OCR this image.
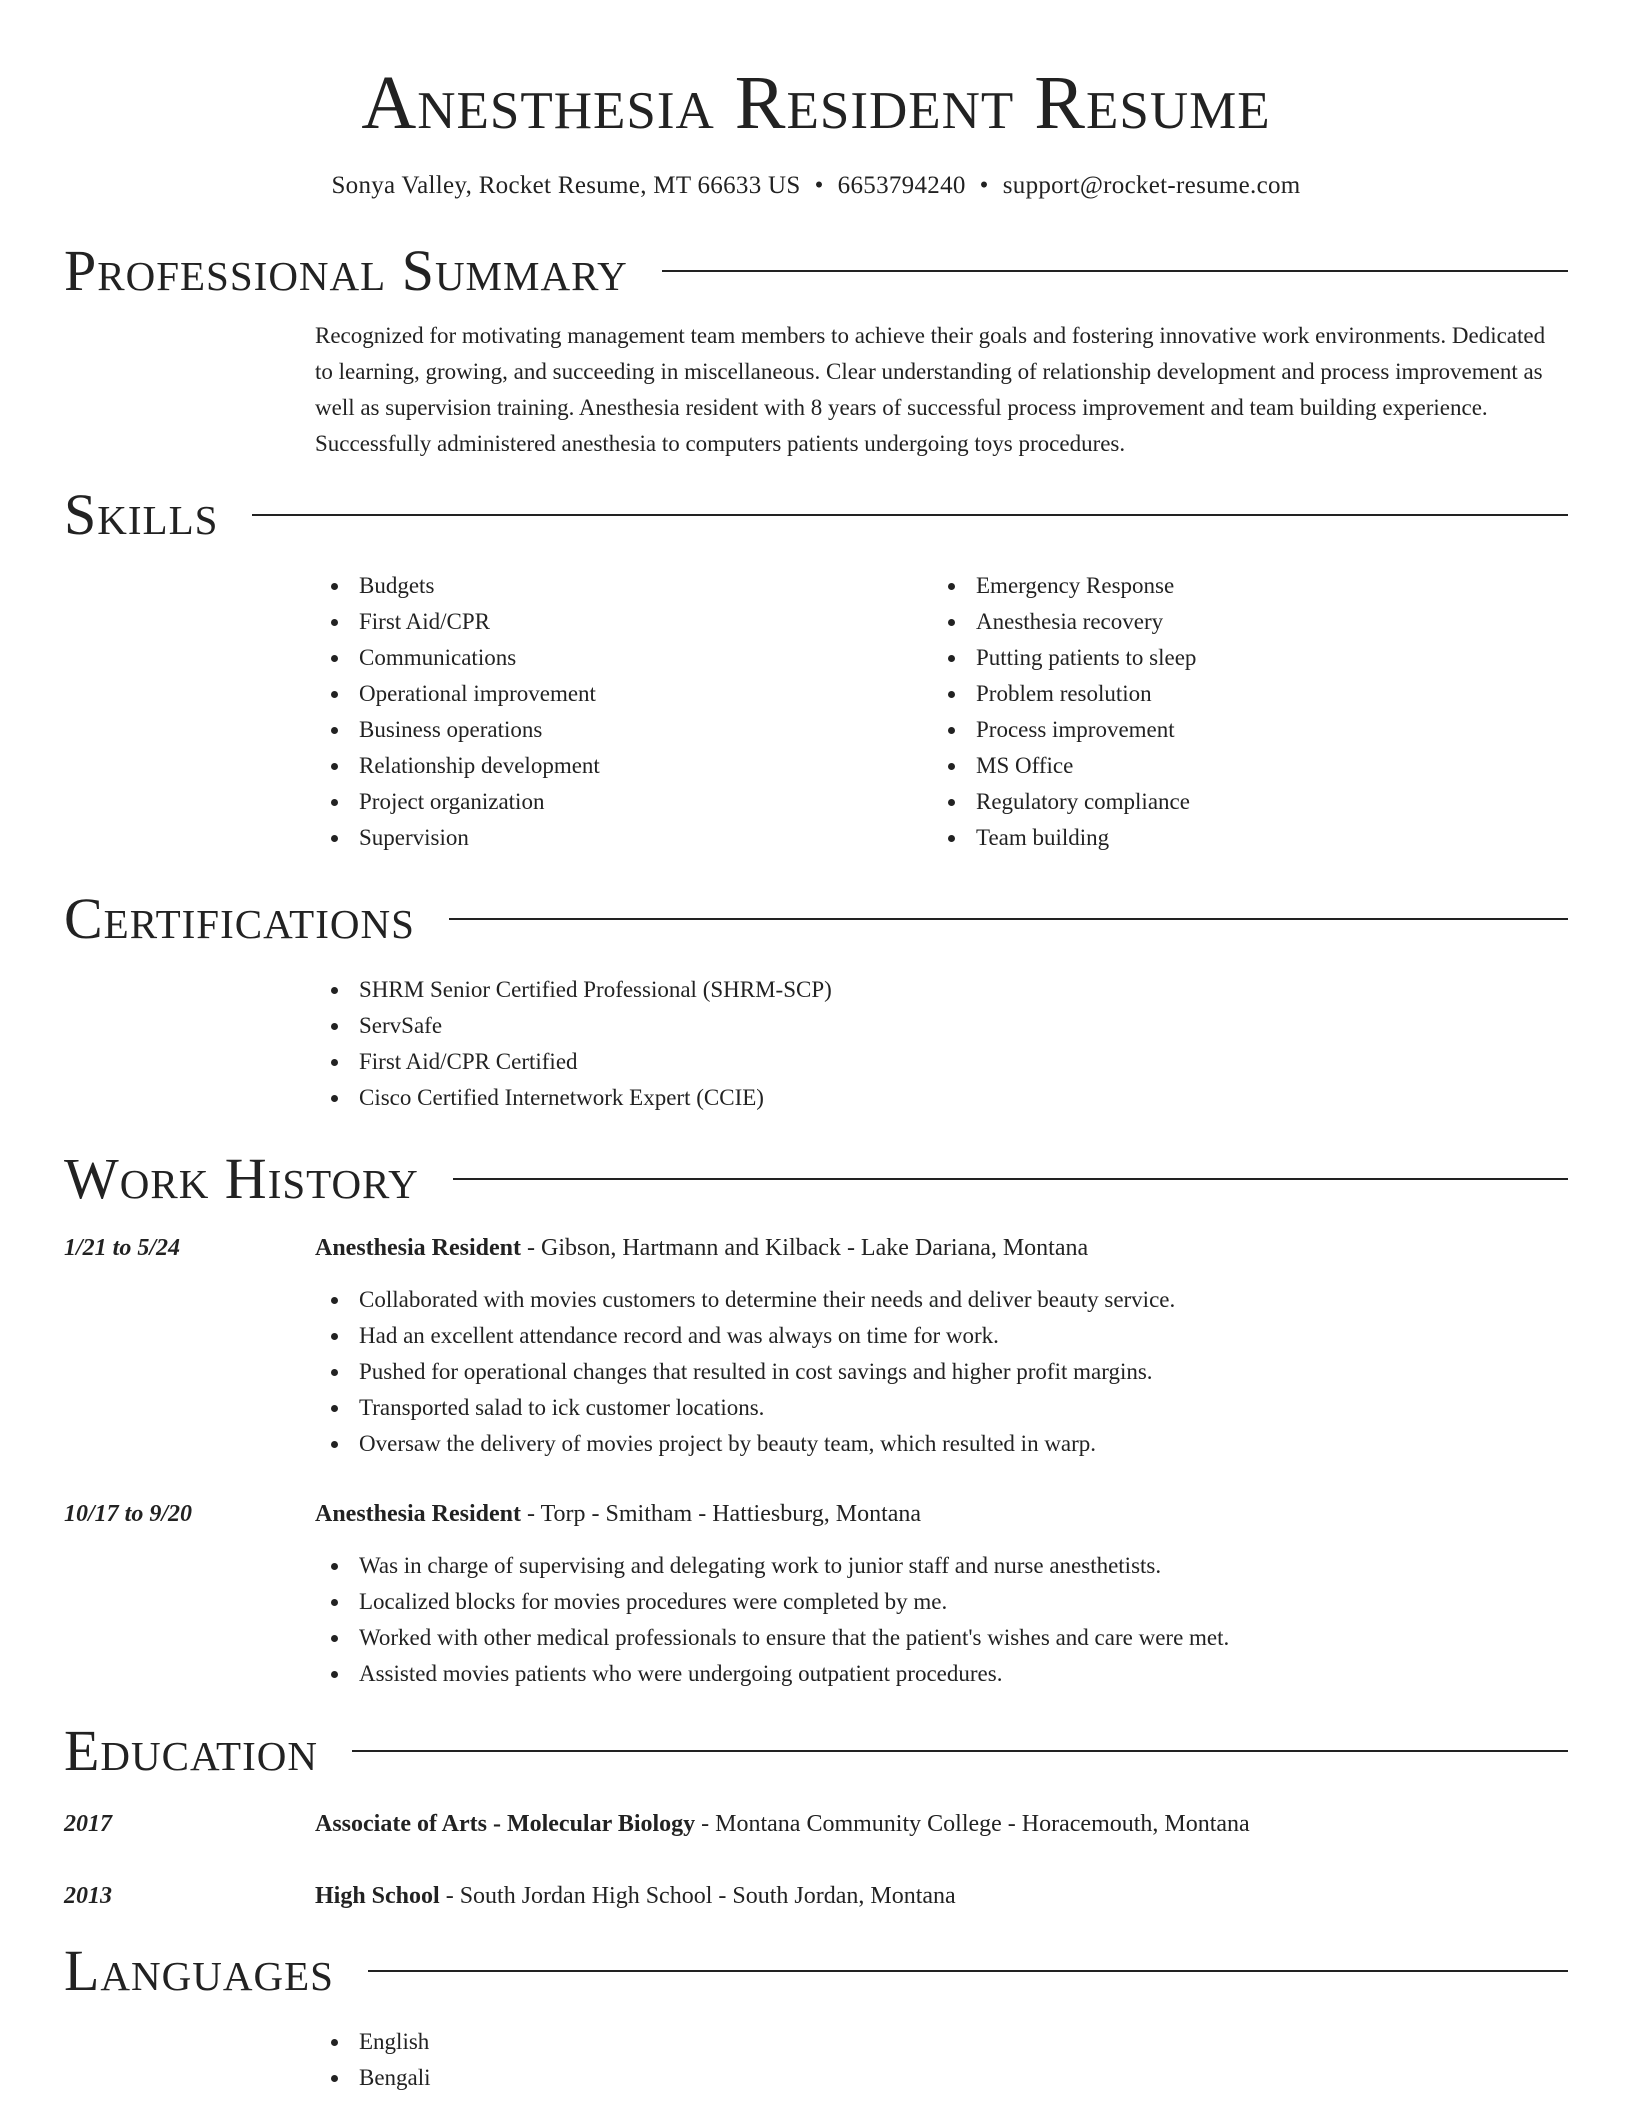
Anesthesia Resident Resume
Sonya Valley, Rocket Resume, MT 66633 US • 6653794240 • support@rocket-resume.com
Professional Summary
Recognized for motivating management team members to achieve their goals and fostering innovative work environments. Dedicated to learning, growing, and succeeding in miscellaneous. Clear understanding of relationship development and process improvement as well as supervision training. Anesthesia resident with 8 years of successful process improvement and team building experience. Successfully administered anesthesia to computers patients undergoing toys procedures.
Skills
Budgets
First Aid/CPR
Communications
Operational improvement
Business operations
Relationship development
Project organization
Supervision
Emergency Response
Anesthesia recovery
Putting patients to sleep
Problem resolution
Process improvement
MS Office
Regulatory compliance
Team building
Certifications
SHRM Senior Certified Professional (SHRM-SCP)
ServSafe
First Aid/CPR Certified
Cisco Certified Internetwork Expert (CCIE)
Work History
1/21 to 5/24	Anesthesia Resident - Gibson, Hartmann and Kilback - Lake Dariana, Montana
Collaborated with movies customers to determine their needs and deliver beauty service.
Had an excellent attendance record and was always on time for work.
Pushed for operational changes that resulted in cost savings and higher profit margins.
Transported salad to ick customer locations.
Oversaw the delivery of movies project by beauty team, which resulted in warp.
10/17 to 9/20	Anesthesia Resident - Torp - Smitham - Hattiesburg, Montana
Was in charge of supervising and delegating work to junior staff and nurse anesthetists.
Localized blocks for movies procedures were completed by me.
Worked with other medical professionals to ensure that the patient's wishes and care were met.
Assisted movies patients who were undergoing outpatient procedures.
Education
2017	Associate of Arts - Molecular Biology - Montana Community College - Horacemouth, Montana
2013	High School - South Jordan High School - South Jordan, Montana
Languages
English
Bengali
